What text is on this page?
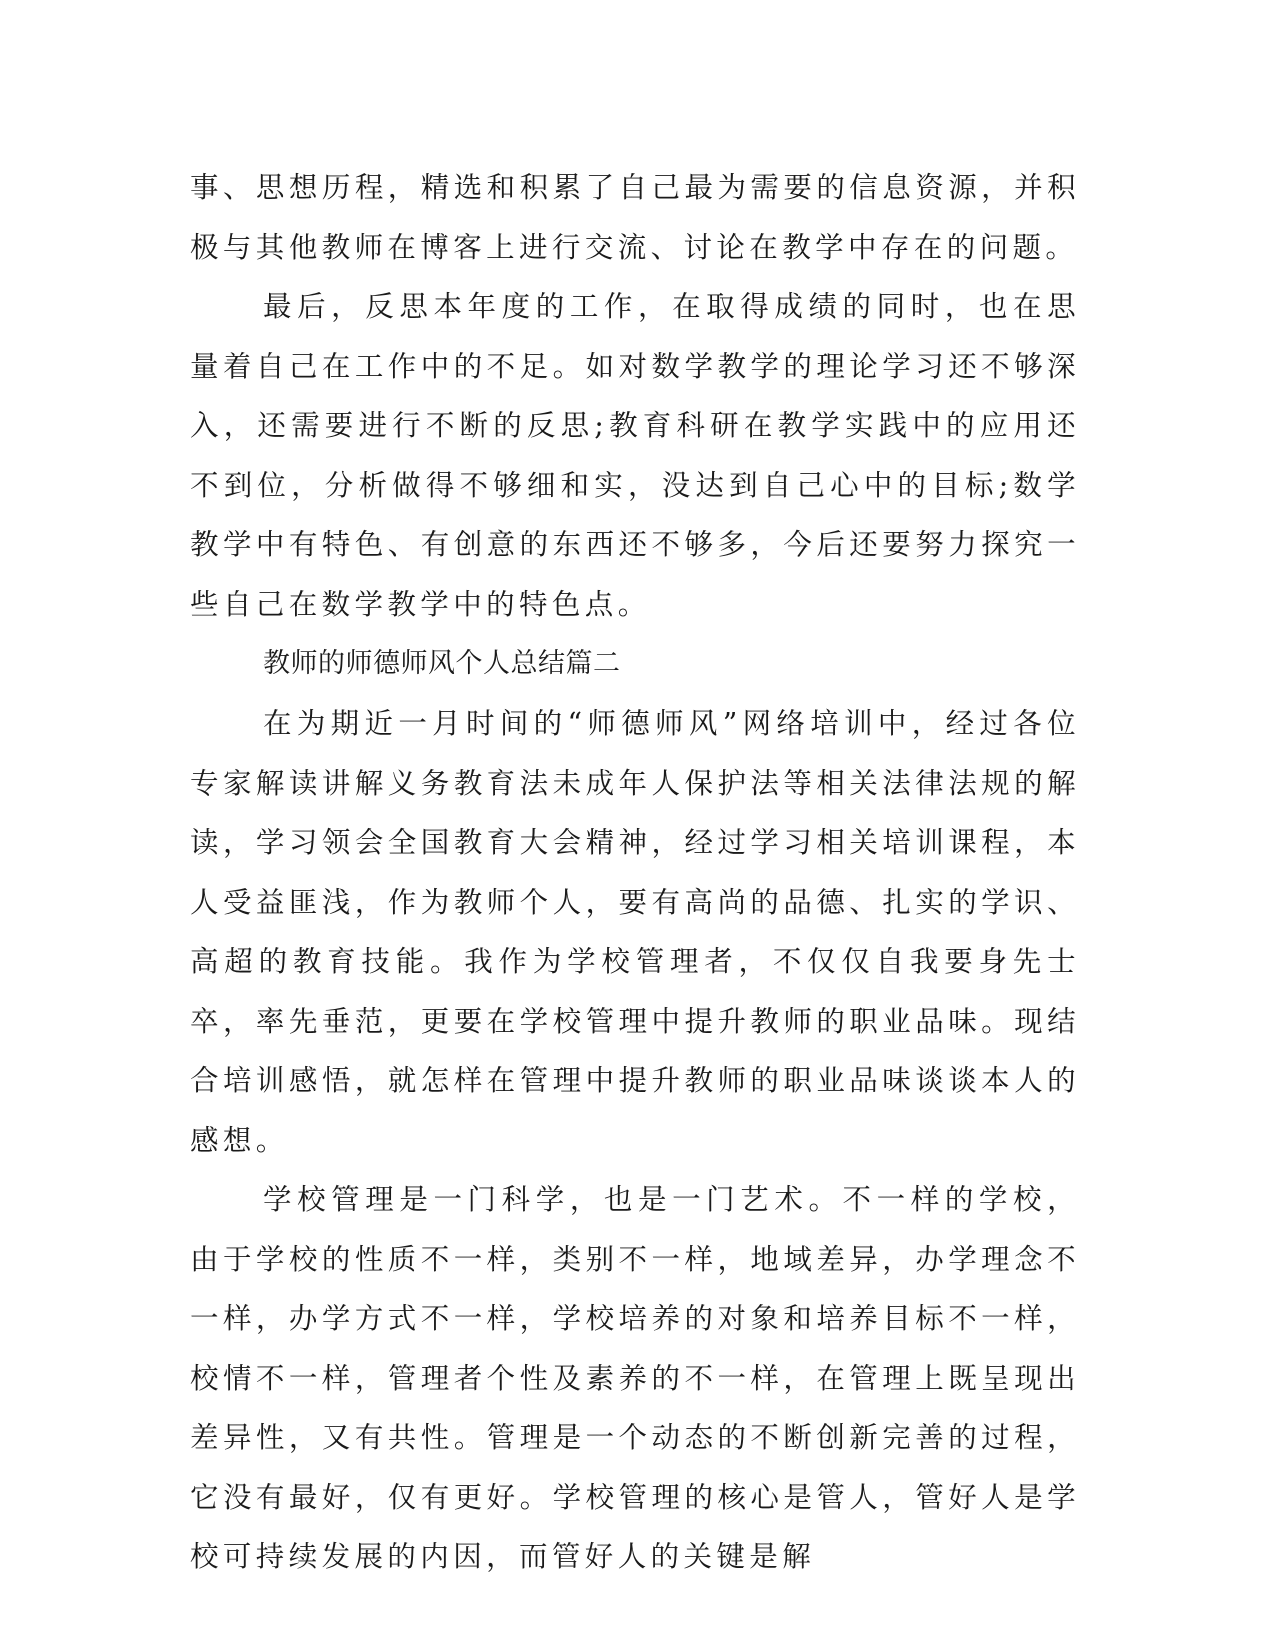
事、思想历程，精选和积累了自己最为需要的信息资源，并积极与其他教师在博客上进行交流、讨论在教学中存在的问题。

最后，反思本年度的工作，在取得成绩的同时，也在思量着自己在工作中的不足。如对数学教学的理论学习还不够深入，还需要进行不断的反思;教育科研在教学实践中的应用还不到位，分析做得不够细和实，没达到自己心中的目标;数学教学中有特色、有创意的东西还不够多，今后还要努力探究一些自己在数学教学中的特色点。

教师的师德师风个人总结篇二

在为期近一月时间的“师德师风”网络培训中，经过各位专家解读讲解义务教育法未成年人保护法等相关法律法规的解读，学习领会全国教育大会精神，经过学习相关培训课程，本人受益匪浅，作为教师个人，要有高尚的品德、扎实的学识、高超的教育技能。我作为学校管理者，不仅仅自我要身先士卒，率先垂范，更要在学校管理中提升教师的职业品味。现结合培训感悟，就怎样在管理中提升教师的职业品味谈谈本人的感想。

学校管理是一门科学，也是一门艺术。不一样的学校，由于学校的性质不一样，类别不一样，地域差异，办学理念不一样，办学方式不一样，学校培养的对象和培养目标不一样，校情不一样，管理者个性及素养的不一样，在管理上既呈现出差异性，又有共性。管理是一个动态的不断创新完善的过程，它没有最好，仅有更好。学校管理的核心是管人，管好人是学校可持续发展的内因，而管好人的关键是解
